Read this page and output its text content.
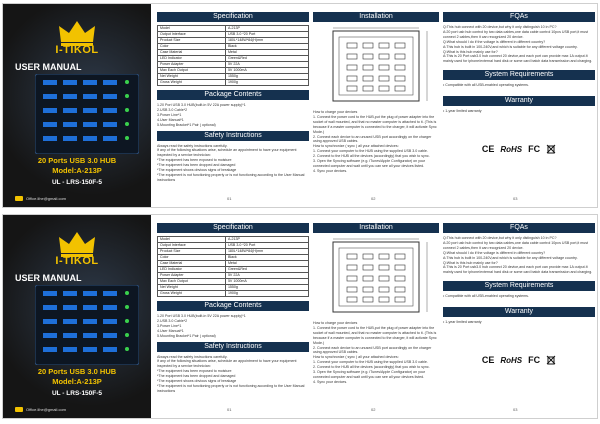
I-TIKOL
USER MANUAL
20 Ports USB 3.0 HUB
Model:A-213P
UL - LRS-150F-5
Office.lihe@gmail.com
Specification
Model	A-213P
Output Interface	USB 3.0 *20 Port
Product Size	180L*148W*84(H)mm
Color	Black
Case Material	Metal
LED Indicator	Green&Red
Power Adapter	5V 22A
Max Each Output	5V 1000mA
Net Weight	1550g
Gross Weight	1900g
Package Contents
1.20 Port USB 3.0 HUB(built-in 5V 22A power supply)*1
2.USB 3.0 Cable*2
3.Power Line*1
4.User Manual*1
5.Mounting Bracket*1 Pair ( optional)
Safety Instructions
Always read the safety instructions carefully.
If any of the following situations arise, schedule an appointment to have your equipment inspected by a service technician:
*The equipment has been exposed to moisture
*The equipment has been dropped and damaged
*The equipment shows obvious signs of breakage
*The equipment is not functioning properly or is not functioning according to the User Manual instructions
01
Installation
How to charge your devices
1. Connect the power cord to the HUB,put the plug of power adapter into the socket of wall mounted, and that no master computer is attached to it. (This is because if a master computer is connected to the charger, it will activate Sync Mode.)
2. Connect each device to an unused USB port accordingly on the charger using approved USB cables.
How to synchronize ( sync ) all your attached devices:
1. Connect your computer to the HUB using the supplied USB 3.0 cable.
2. Connect to the HUB all the devices (accordingly) that you wish to sync.
3. Open the Syncing software (e.g. iTunes/Apple Configurator) on your connected computer and wait until you can see all your devices listed.
4. Sync your devices.
02
FQAs
Q:This hub connect with 20 device,but why it only distinguish 10 in PC?
A:20 port usb hub control by two data cables,one data cable control 10pcs USB port,it must connect 2 cables,then it can recognized 20 device.
Q:What should I do if the voltage is different in different country?
A:This hub is built in 100-240V,and which is suitable for any different voltage country.
Q:What is this hub mainly use for?
A:This is 20 Port usb3.0 hub connect 20 device,and each port can provide max 1A output.It mainly used for iphone/external hard disk or some card batch data transmission and charging.
System Requirements
• Compatible with all USB-enabled operating systems.
Warranty
• 1-year limited warranty
CE RoHS FC
03
I-TIKOL
USER MANUAL
20 Ports USB 3.0 HUB
Model:A-213P
UL - LRS-150F-5
Office.lihe@gmail.com
Specification
Model	A-213P
Output Interface	USB 3.0 *20 Port
Product Size	180L*148W*84(H)mm
Color	Black
Case Material	Metal
LED Indicator	Green&Red
Power Adapter	5V 22A
Max Each Output	5V 1000mA
Net Weight	1550g
Gross Weight	1900g
Package Contents
1.20 Port USB 3.0 HUB(built-in 5V 22A power supply)*1
2.USB 3.0 Cable*2
3.Power Line*1
4.User Manual*1
5.Mounting Bracket*1 Pair ( optional)
Safety Instructions
Always read the safety instructions carefully.
If any of the following situations arise, schedule an appointment to have your equipment inspected by a service technician:
*The equipment has been exposed to moisture
*The equipment has been dropped and damaged
*The equipment shows obvious signs of breakage
*The equipment is not functioning properly or is not functioning according to the User Manual instructions
01
Installation
How to charge your devices
1. Connect the power cord to the HUB,put the plug of power adapter into the socket of wall mounted, and that no master computer is attached to it. (This is because if a master computer is connected to the charger, it will activate Sync Mode.)
2. Connect each device to an unused USB port accordingly on the charger using approved USB cables.
How to synchronize ( sync ) all your attached devices:
1. Connect your computer to the HUB using the supplied USB 3.0 cable.
2. Connect to the HUB all the devices (accordingly) that you wish to sync.
3. Open the Syncing software (e.g. iTunes/Apple Configurator) on your connected computer and wait until you can see all your devices listed.
4. Sync your devices.
02
FQAs
Q:This hub connect with 20 device,but why it only distinguish 10 in PC?
A:20 port usb hub control by two data cables,one data cable control 10pcs USB port,it must connect 2 cables,then it can recognized 20 device.
Q:What should I do if the voltage is different in different country?
A:This hub is built in 100-240V,and which is suitable for any different voltage country.
Q:What is this hub mainly use for?
A:This is 20 Port usb3.0 hub connect 20 device,and each port can provide max 1A output.It mainly used for iphone/external hard disk or some card batch data transmission and charging.
System Requirements
• Compatible with all USB-enabled operating systems.
Warranty
• 1-year limited warranty
CE RoHS FC
03
